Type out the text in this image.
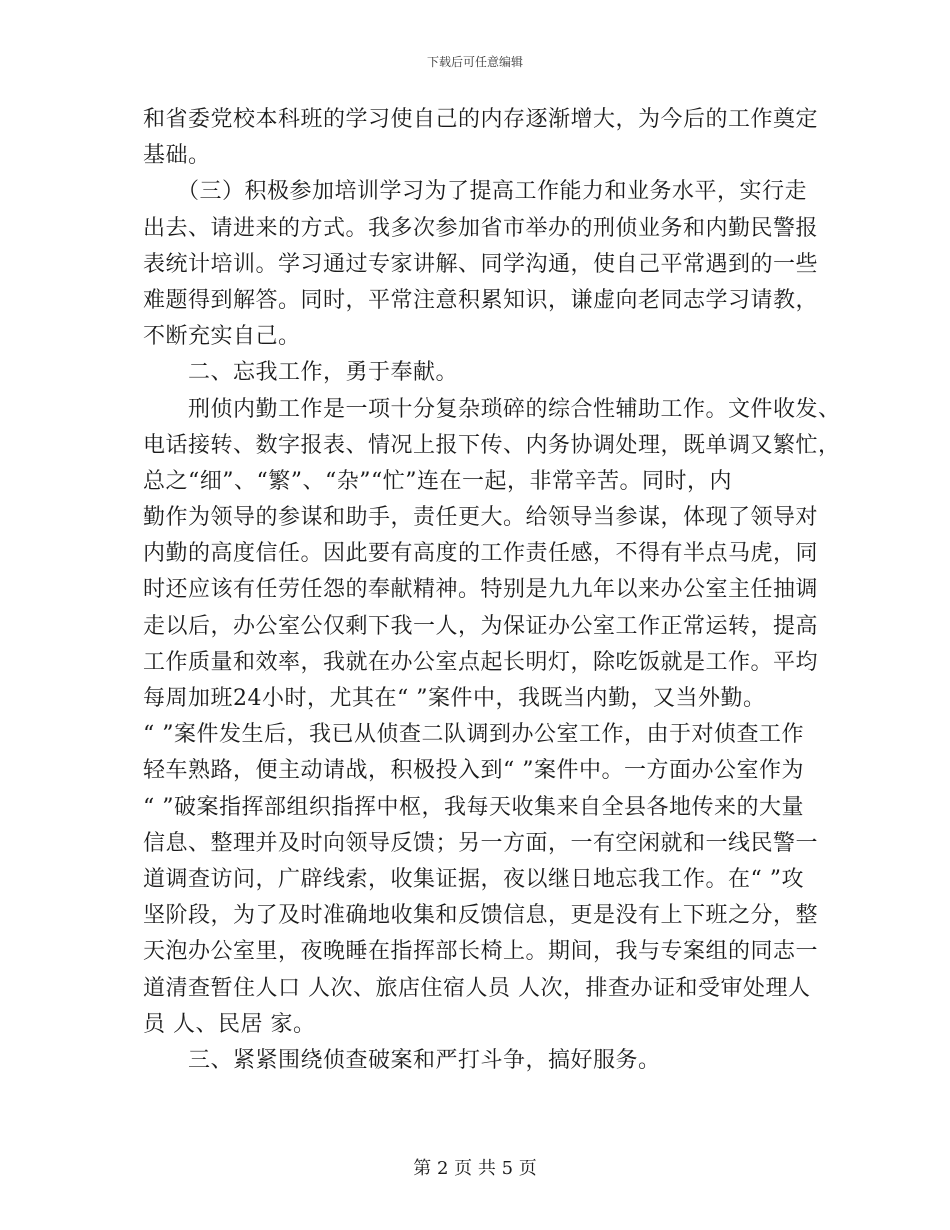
下载后可任意编辑
和省委党校本科班的学习使自己的内存逐渐增大，为今后的工作奠定
基础。
　　（三）积极参加培训学习为了提高工作能力和业务水平，实行走
出去、请进来的方式。我多次参加省市举办的刑侦业务和内勤民警报
表统计培训。学习通过专家讲解、同学沟通，使自己平常遇到的一些
难题得到解答。同时，平常注意积累知识，谦虚向老同志学习请教，
不断充实自己。
　　二、忘我工作，勇于奉献。
　　刑侦内勤工作是一项十分复杂琐碎的综合性辅助工作。文件收发、
电话接转、数字报表、情况上报下传、内务协调处理，既单调又繁忙，
总之“细”、“繁”、“杂”“忙”连在一起，非常辛苦。同时，内
勤作为领导的参谋和助手，责任更大。给领导当参谋，体现了领导对
内勤的高度信任。因此要有高度的工作责任感，不得有半点马虎，同
时还应该有任劳任怨的奉献精神。特别是九九年以来办公室主任抽调
走以后，办公室公仅剩下我一人，为保证办公室工作正常运转，提高
工作质量和效率，我就在办公室点起长明灯，除吃饭就是工作。平均
每周加班24小时，尤其在“ ”案件中，我既当内勤，又当外勤。
“ ”案件发生后，我已从侦查二队调到办公室工作，由于对侦查工作
轻车熟路，便主动请战，积极投入到“ ”案件中。一方面办公室作为
“ ”破案指挥部组织指挥中枢，我每天收集来自全县各地传来的大量
信息、整理并及时向领导反馈；另一方面，一有空闲就和一线民警一
道调查访问，广辟线索，收集证据，夜以继日地忘我工作。在“ ”攻
坚阶段，为了及时准确地收集和反馈信息，更是没有上下班之分，整
天泡办公室里，夜晚睡在指挥部长椅上。期间，我与专案组的同志一
道清查暂住人口 人次、旅店住宿人员 人次，排查办证和受审处理人
员 人、民居 家。
　　三、紧紧围绕侦查破案和严打斗争，搞好服务。
第 2 页 共 5 页
